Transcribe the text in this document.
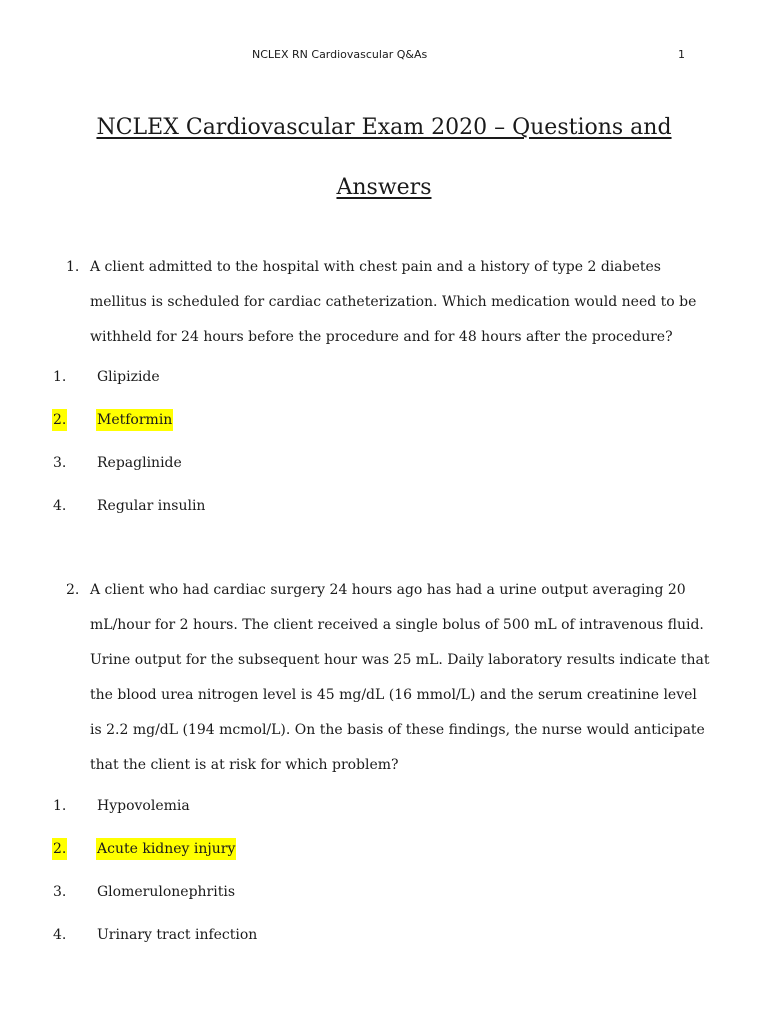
NCLEX RN Cardiovascular Q&As	1
NCLEX Cardiovascular Exam 2020 – Questions and Answers
1. A client admitted to the hospital with chest pain and a history of type 2 diabetes mellitus is scheduled for cardiac catheterization. Which medication would need to be withheld for 24 hours before the procedure and for 48 hours after the procedure?
1. Glipizide
2. Metformin
3. Repaglinide
4. Regular insulin
2. A client who had cardiac surgery 24 hours ago has had a urine output averaging 20 mL/hour for 2 hours. The client received a single bolus of 500 mL of intravenous fluid. Urine output for the subsequent hour was 25 mL. Daily laboratory results indicate that the blood urea nitrogen level is 45 mg/dL (16 mmol/L) and the serum creatinine level is 2.2 mg/dL (194 mcmol/L). On the basis of these findings, the nurse would anticipate that the client is at risk for which problem?
1. Hypovolemia
2. Acute kidney injury
3. Glomerulonephritis
4. Urinary tract infection
